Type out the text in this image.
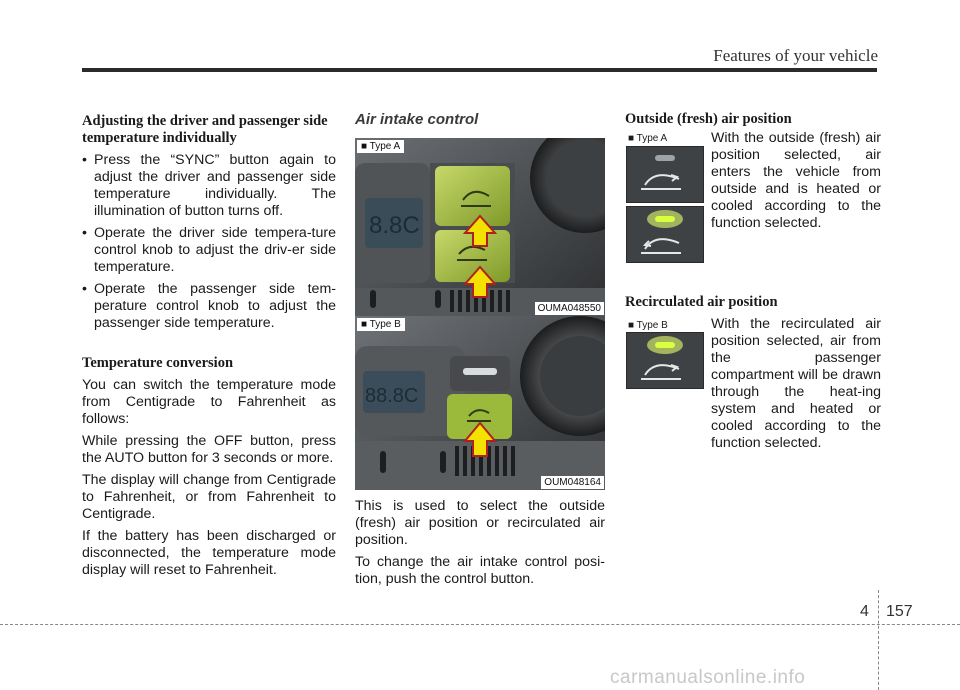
Features of your vehicle

Adjusting the driver and passenger side temperature individually

• Press the “SYNC” button again to adjust the driver and passenger side temperature individually. The illumination of button turns off.
• Operate the driver side tempera-ture control knob to adjust the driv-er side temperature.
• Operate the passenger side tem-perature control knob to adjust the passenger side temperature.

Temperature conversion

You can switch the temperature mode from Centigrade to Fahrenheit as follows:

While pressing the OFF button, press the AUTO button for 3 seconds or more.

The display will change from Centigrade to Fahrenheit, or from Fahrenheit to Centigrade.

If the battery has been discharged or disconnected, the temperature mode display will reset to Fahrenheit.

Air intake control
8.8C
■ Type A
OUMA048550
88.8C
■ Type B
OUM048164

This is used to select the outside (fresh) air position or recirculated air position.

To change the air intake control posi-tion, push the control button.

Outside (fresh) air position

■ Type A	With the outside (fresh) air position selected, air enters the vehicle from outside and is heated or cooled according to the function selected.

Recirculated air position

■ Type B	With the recirculated air position selected, air from the passenger compartment will be drawn through the heat-ing system and heated or cooled according to the function selected.
4 157
carmanualsonline.info
